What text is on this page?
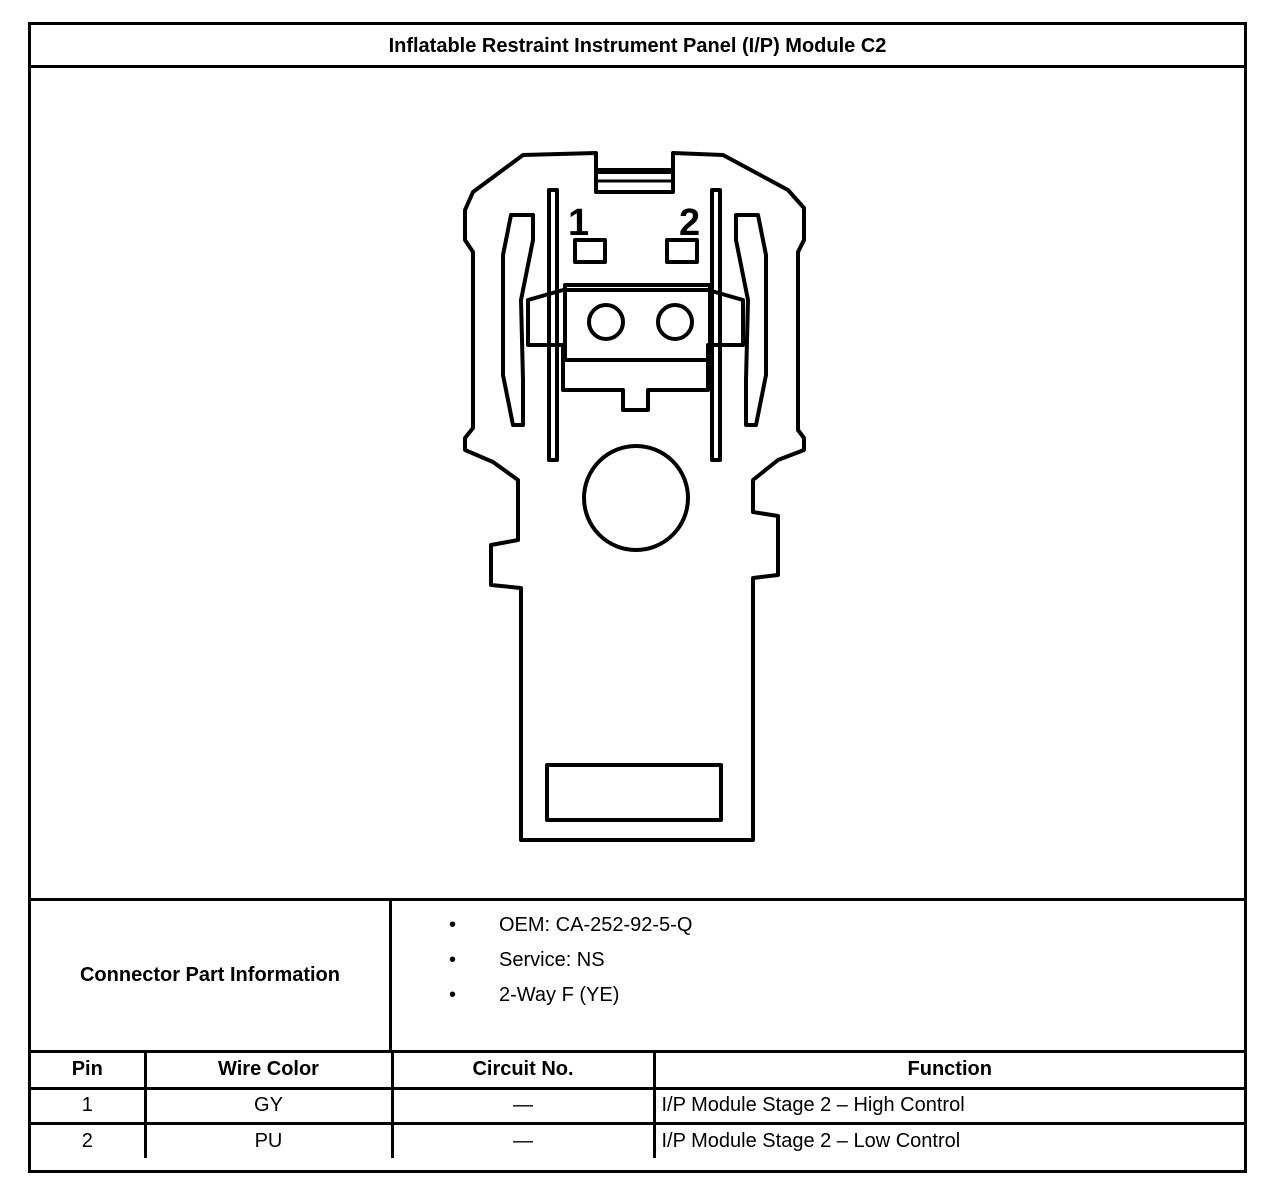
Inflatable Restraint Instrument Panel (I/P) Module C2
1 2
Connector Part Information
• OEM: CA-252-92-5-Q
• Service: NS
• 2-Way F (YE)
Pin	Wire Color	Circuit No.	Function
1	GY	—	I/P Module Stage 2 – High Control
2	PU	—	I/P Module Stage 2 – Low Control
